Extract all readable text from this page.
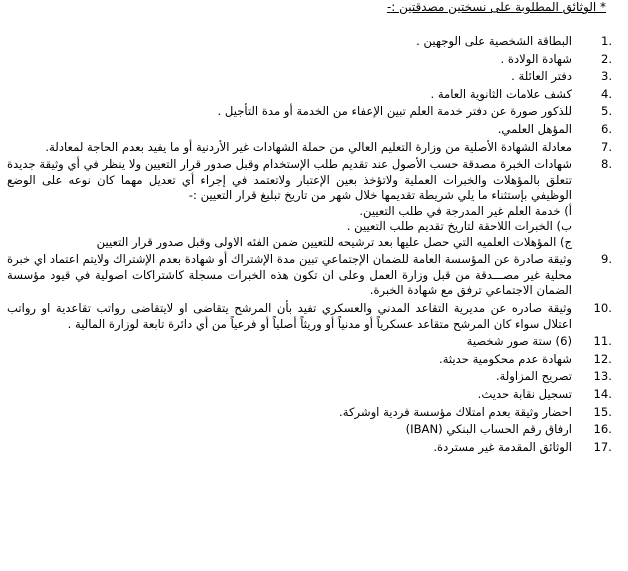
* الوثائق المطلوبة على نسختين مصدقتين :-
1.
البطاقة الشخصية على الوجهين .
2.
شهادة الولادة .
3.
دفتر العائلة .
4.
كشف علامات الثانوية العامة .
5.
للذكور صورة عن دفتر خدمة العلم تبين الإعفاء من الخدمة أو مدة التأجيل .
6.
المؤهل العلمي.
7.
معادلة الشهادة الأصلية من وزارة التعليم العالي من حملة الشهادات غير الأردنية أو ما يفيد بعدم الحاجة لمعادلة.
8.
شهادات الخبرة مصدقة حسب الأصول عند تقديم طلب الإستخدام وقبل صدور قرار التعيين ولا ينظر في أي وثيقة جديدة تتعلق بالمؤهلات والخبرات العملية ولاتؤخذ بعين الإعتبار ولاتعتمد في إجراء أي تعديل مهما كان نوعه على الوضع الوظيفي بإستثناء ما يلي شريطة تقديمها خلال شهر من تاريخ تبليغ قرار التعيين :-
أ) خدمة العلم غير المدرجة في طلب التعيين.
ب) الخبرات اللاحقة لتاريخ تقديم طلب التعيين .
ج) المؤهلات العلميه التي حصل عليها بعد ترشيحه للتعيين ضمن الفئه الاولى وقبل صدور قرار التعيين
9.
وثيقة صادرة عن المؤسسة العامة للضمان الإجتماعي تبين مدة الإشتراك أو شهادة بعدم الإشتراك ولايتم اعتماد اي خبرة محلية غير مصـــدقة من قبل وزارة العمل وعلى ان تكون هذه الخبرات مسجلة كاشتراكات اصولية في قيود مؤسسة الضمان الاجتماعي ترفق مع شهادة الخبرة.
10.
وثيقة صادره عن مديرية التقاعد المدني والعسكري تفيد بأن المرشح يتقاضى او لايتقاضى رواتب تقاعدية او رواتب اعتلال سواء كان المرشح متقاعد عسكرياً أو مدنياً أو وريثاً أصلياً أو فرعياً من أي دائرة تابعة لوزارة المالية .
11.
(6) ستة صور شخصية
12.
شهادة عدم محكومية حديثة.
13.
تصريح المزاولة.
14.
تسجيل نقابة حديث.
15.
احضار وثيقة بعدم امتلاك مؤسسة فردية اوشركة.
16.
ارفاق رقم الحساب البنكي (IBAN)
17.
الوثائق المقدمة غير مستردة.
